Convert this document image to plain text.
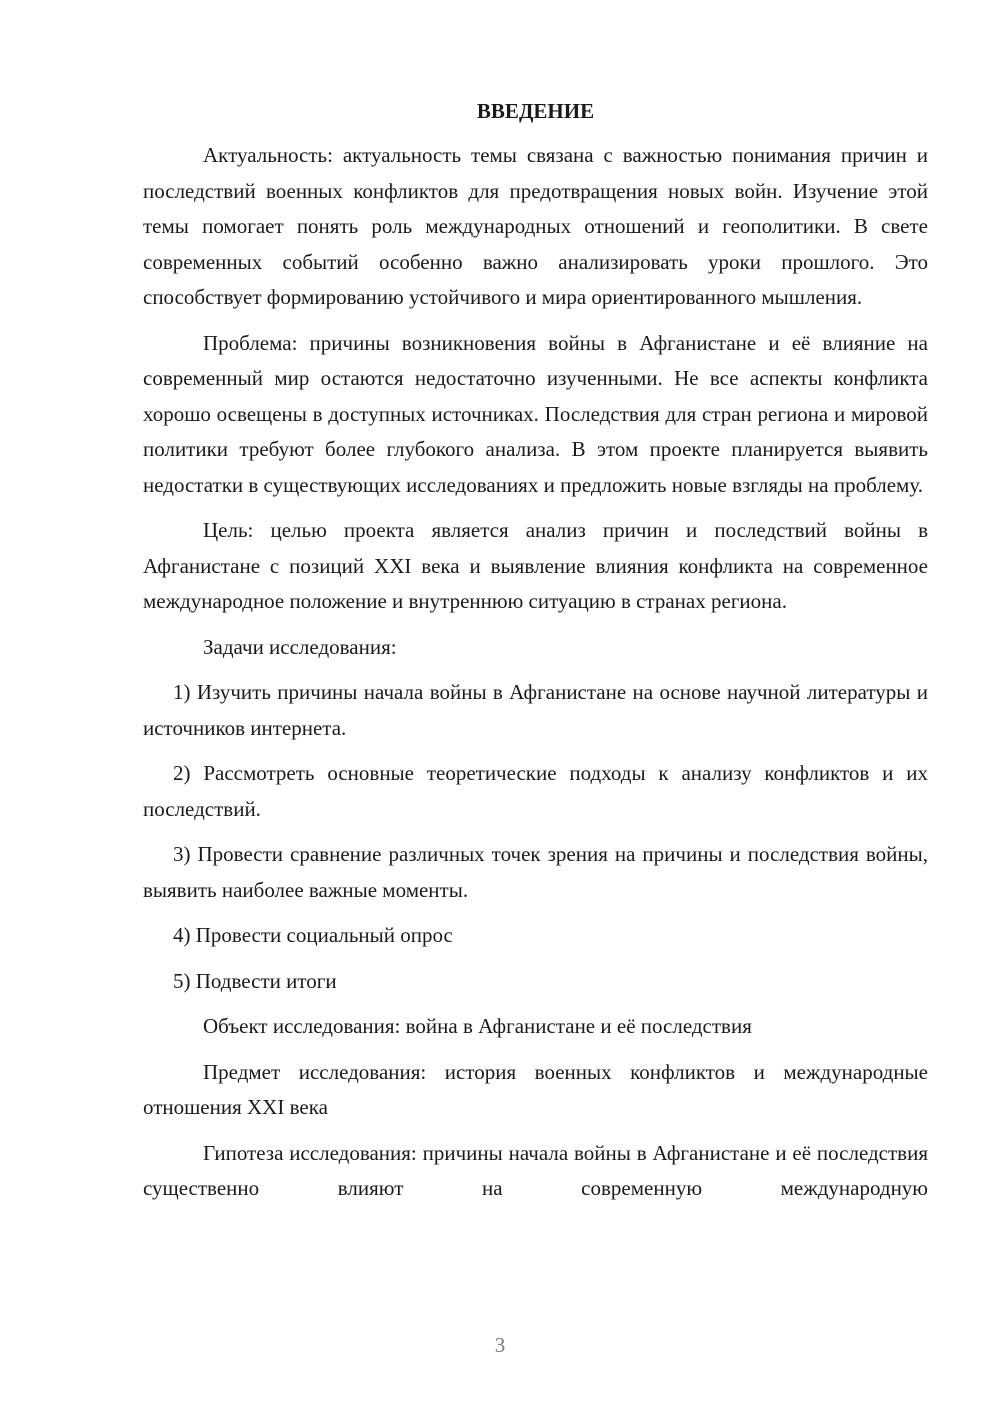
ВВЕДЕНИЕ

Актуальность: актуальность темы связана с важностью понимания причин и последствий военных конфликтов для предотвращения новых войн. Изучение этой темы помогает понять роль международных отношений и геополитики. В свете современных событий особенно важно анализировать уроки прошлого. Это способствует формированию устойчивого и мира ориентированного мышления.

Проблема: причины возникновения войны в Афганистане и её влияние на современный мир остаются недостаточно изученными. Не все аспекты конфликта хорошо освещены в доступных источниках. Последствия для стран региона и мировой политики требуют более глубокого анализа. В этом проекте планируется выявить недостатки в существующих исследованиях и предложить новые взгляды на проблему.

Цель: целью проекта является анализ причин и последствий войны в Афганистане с позиций XXI века и выявление влияния конфликта на современное международное положение и внутреннюю ситуацию в странах региона.

Задачи исследования:

1) Изучить причины начала войны в Афганистане на основе научной литературы и источников интернета.

2) Рассмотреть основные теоретические подходы к анализу конфликтов и их последствий.

3) Провести сравнение различных точек зрения на причины и последствия войны, выявить наиболее важные моменты.

4) Провести социальный опрос

5) Подвести итоги

Объект исследования: война в Афганистане и её последствия

Предмет исследования: история военных конфликтов и международные отношения XXI века

Гипотеза исследования: причины начала войны в Афганистане и её последствия существенно влияют на современную международную

3
